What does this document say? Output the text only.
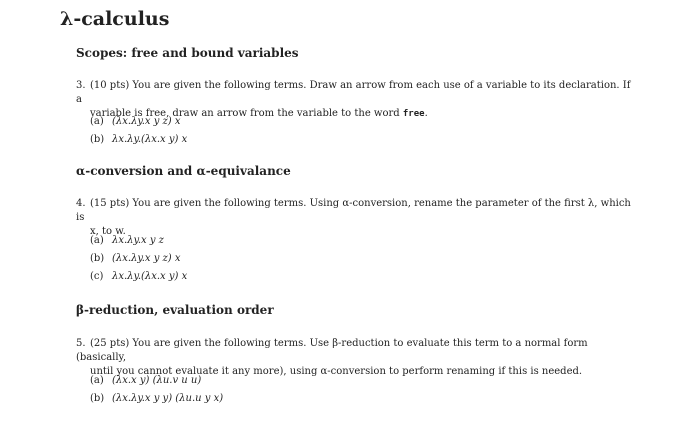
λ-calculus
Scopes: free and bound variables
3. (10 pts) You are given the following terms. Draw an arrow from each use of a variable to its declaration. If a
variable is free, draw an arrow from the variable to the word free.
(a) (λx.λy.x y z) x
(b) λx.λy.(λx.x y) x
α-conversion and α-equivalance
4. (15 pts) You are given the following terms. Using α-conversion, rename the parameter of the first λ, which is
x, to w.
(a) λx.λy.x y z
(b) (λx.λy.x y z) x
(c) λx.λy.(λx.x y) x
β-reduction, evaluation order
5. (25 pts) You are given the following terms. Use β-reduction to evaluate this term to a normal form (basically,
until you cannot evaluate it any more), using α-conversion to perform renaming if this is needed.
(a) (λx.x y) (λu.v u u)
(b) (λx.λy.x y y) (λu.u y x)
